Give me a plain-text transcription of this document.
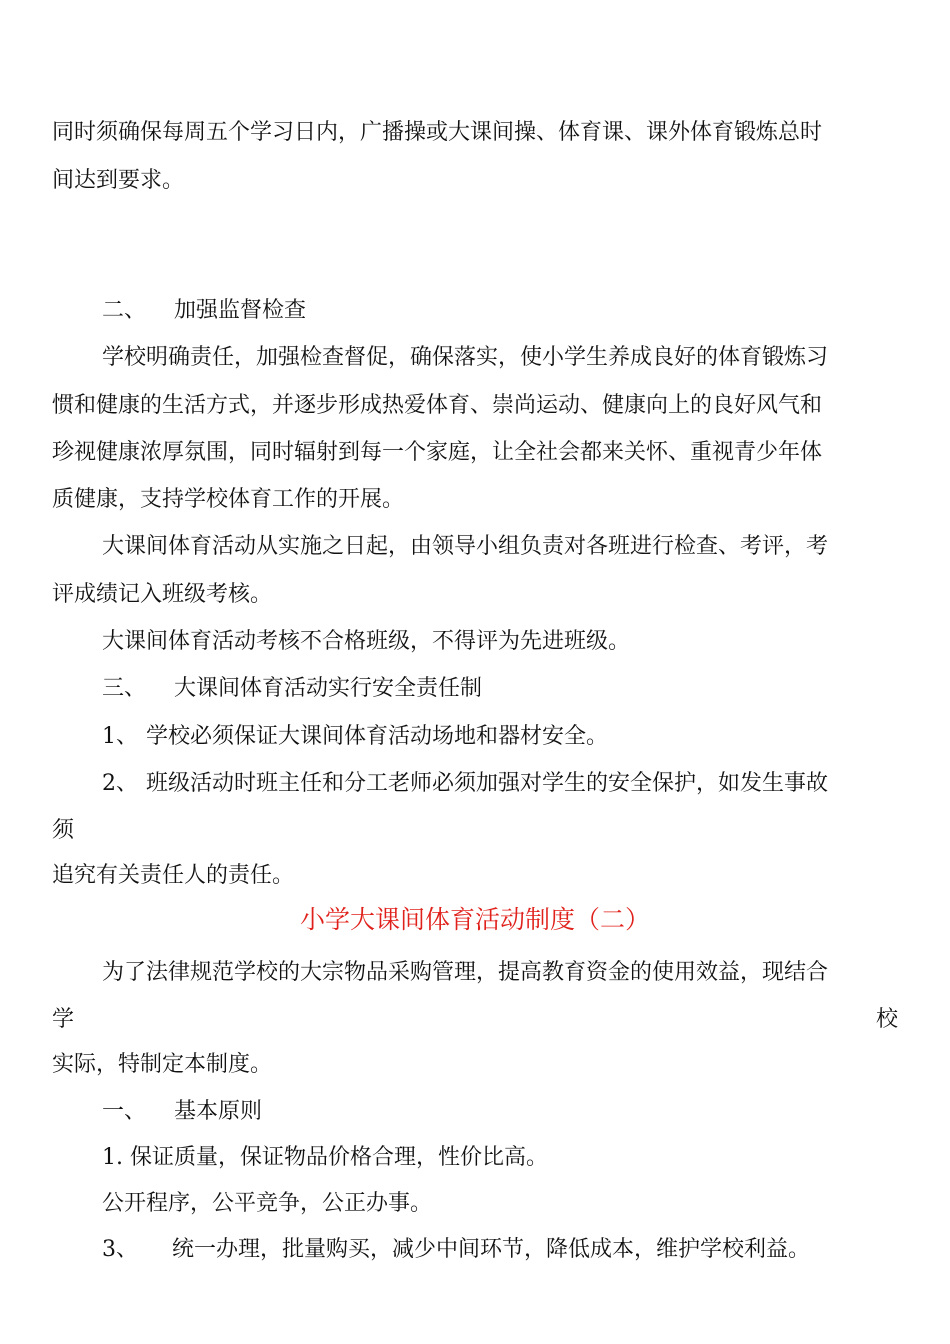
同时须确保每周五个学习日内，广播操或大课间操、体育课、课外体育锻炼总时
间达到要求。
二、 加强监督检查
学校明确责任，加强检查督促，确保落实，使小学生养成良好的体育锻炼习
惯和健康的生活方式，并逐步形成热爱体育、崇尚运动、健康向上的良好风气和
珍视健康浓厚氛围，同时辐射到每一个家庭，让全社会都来关怀、重视青少年体
质健康，支持学校体育工作的开展。
大课间体育活动从实施之日起，由领导小组负责对各班进行检查、考评，考
评成绩记入班级考核。
大课间体育活动考核不合格班级，不得评为先进班级。
三、 大课间体育活动实行安全责任制
1、 学校必须保证大课间体育活动场地和器材安全。
2、 班级活动时班主任和分工老师必须加强对学生的安全保护，如发生事故
须
追究有关责任人的责任。
小学大课间体育活动制度（二）
为了法律规范学校的大宗物品采购管理，提高教育资金的使用效益，现结合
学	校
实际，特制定本制度。
一、 基本原则
1. 保证质量，保证物品价格合理，性价比高。
公开程序，公平竞争，公正办事。
3、 统一办理，批量购买，减少中间环节，降低成本，维护学校利益。
